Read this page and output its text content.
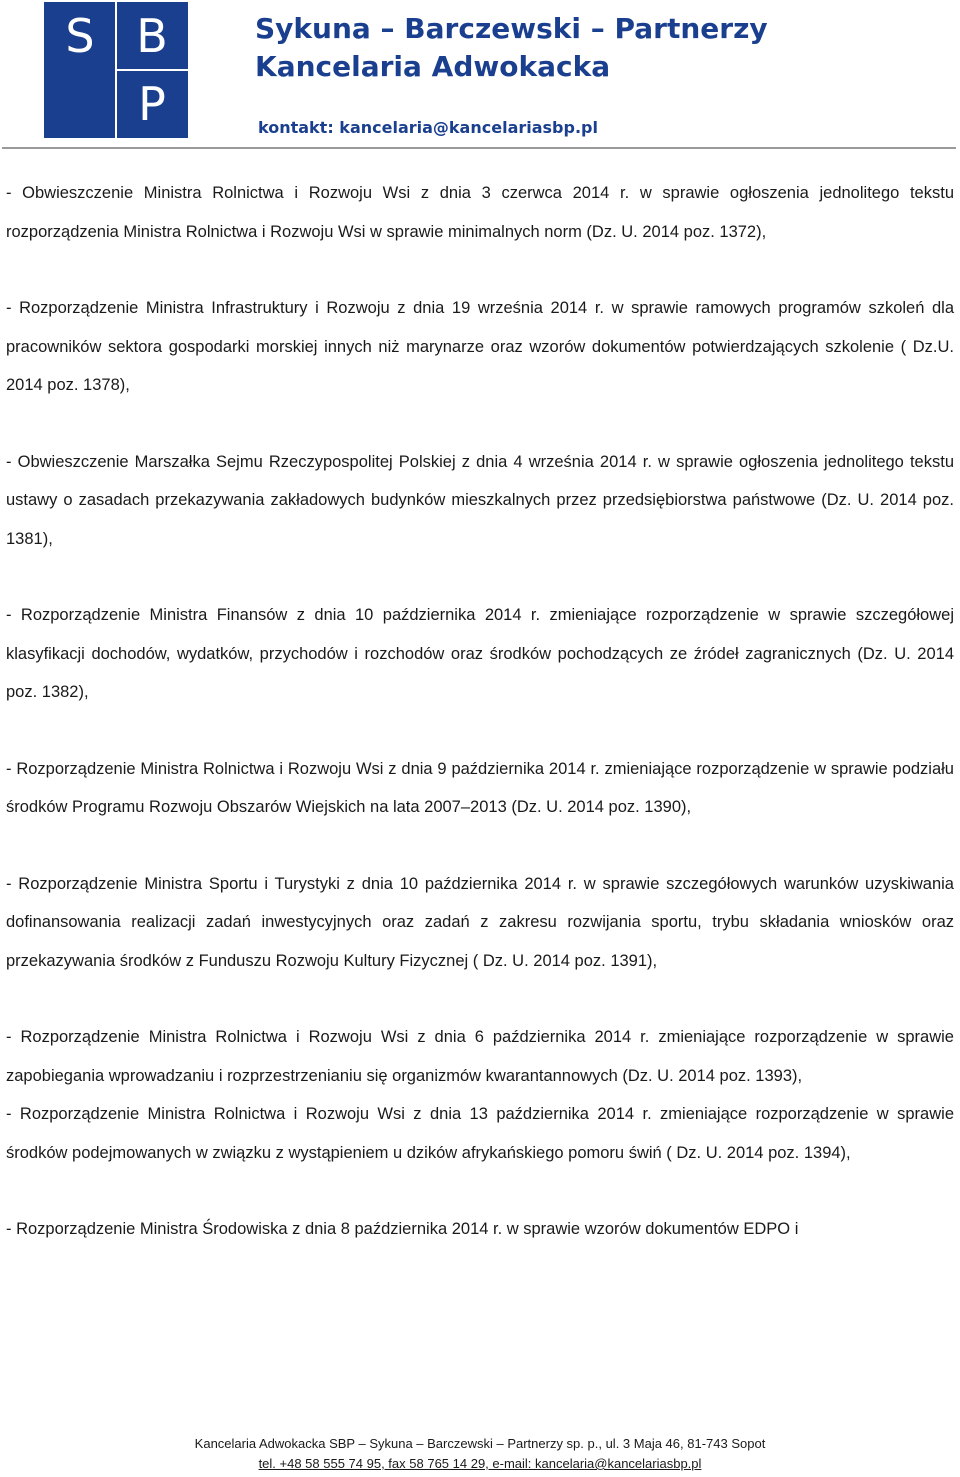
S B
P
Sykuna – Barczewski – Partnerzy
Kancelaria Adwokacka
kontakt: kancelaria@kancelariasbp.pl

- Obwieszczenie Ministra Rolnictwa i Rozwoju Wsi z dnia 3 czerwca 2014 r. w sprawie ogłoszenia jednolitego tekstu rozporządzenia Ministra Rolnictwa i Rozwoju Wsi w sprawie minimalnych norm (Dz. U. 2014 poz. 1372),

- Rozporządzenie Ministra Infrastruktury i Rozwoju z dnia 19 września 2014 r. w sprawie ramowych programów szkoleń dla pracowników sektora gospodarki morskiej innych niż marynarze oraz wzorów dokumentów potwierdzających szkolenie ( Dz.U. 2014 poz. 1378),

- Obwieszczenie Marszałka Sejmu Rzeczypospolitej Polskiej z dnia 4 września 2014 r. w sprawie ogłoszenia jednolitego tekstu ustawy o zasadach przekazywania zakładowych budynków mieszkalnych przez przedsiębiorstwa państwowe (Dz. U. 2014 poz. 1381),

- Rozporządzenie Ministra Finansów z dnia 10 października 2014 r. zmieniające rozporządzenie w sprawie szczegółowej klasyfikacji dochodów, wydatków, przychodów i rozchodów oraz środków pochodzących ze źródeł zagranicznych (Dz. U. 2014 poz. 1382),

- Rozporządzenie Ministra Rolnictwa i Rozwoju Wsi z dnia 9 października 2014 r. zmieniające rozporządzenie w sprawie podziału środków Programu Rozwoju Obszarów Wiejskich na lata 2007–2013 (Dz. U. 2014 poz. 1390),

- Rozporządzenie Ministra Sportu i Turystyki z dnia 10 października 2014 r. w sprawie szczegółowych warunków uzyskiwania dofinansowania realizacji zadań inwestycyjnych oraz zadań z zakresu rozwijania sportu, trybu składania wniosków oraz przekazywania środków z Funduszu Rozwoju Kultury Fizycznej ( Dz. U. 2014 poz. 1391),

- Rozporządzenie Ministra Rolnictwa i Rozwoju Wsi z dnia 6 października 2014 r. zmieniające rozporządzenie w sprawie zapobiegania wprowadzaniu i rozprzestrzenianiu się organizmów kwarantannowych (Dz. U. 2014 poz. 1393),

- Rozporządzenie Ministra Rolnictwa i Rozwoju Wsi z dnia 13 października 2014 r. zmieniające rozporządzenie w sprawie środków podejmowanych w związku z wystąpieniem u dzików afrykańskiego pomoru świń ( Dz. U. 2014 poz. 1394),

- Rozporządzenie Ministra Środowiska z dnia 8 października 2014 r. w sprawie wzorów dokumentów EDPO i

Kancelaria Adwokacka SBP – Sykuna – Barczewski – Partnerzy sp. p., ul. 3 Maja 46, 81-743 Sopot
tel. +48 58 555 74 95, fax 58 765 14 29, e-mail: kancelaria@kancelariasbp.pl
